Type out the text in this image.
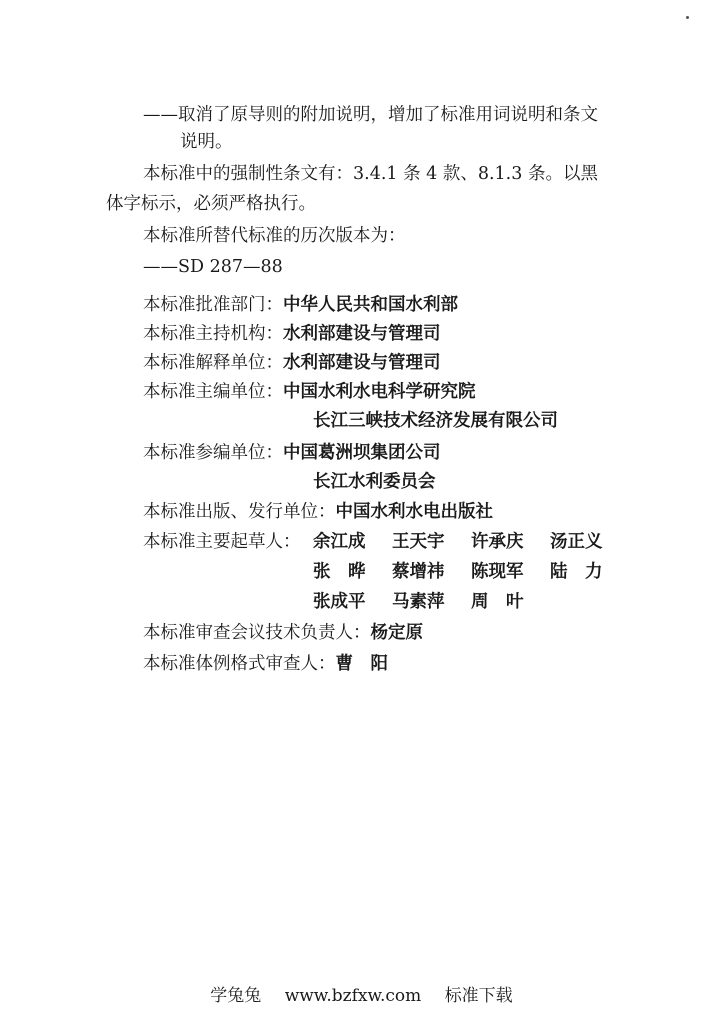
——取消了原导则的附加说明，增加了标准用词说明和条文
说明。
本标准中的强制性条文有：3.4.1 条 4 款、8.1.3 条。以黑
体字标示，必须严格执行。
本标准所替代标准的历次版本为：
——SD 287—88
本标准批准部门：中华人民共和国水利部
本标准主持机构：水利部建设与管理司
本标准解释单位：水利部建设与管理司
本标准主编单位：中国水利水电科学研究院
长江三峡技术经济发展有限公司
本标准参编单位：中国葛洲坝集团公司
长江水利委员会
本标准出版、发行单位：中国水利水电出版社
本标准主要起草人： 余江成 王天宇 许承庆 汤正义
张　晔 蔡增祎 陈现军 陆　力
张成平 马素萍 周　叶
本标准审查会议技术负责人：杨定原
本标准体例格式审查人：曹　阳
学兔兔 www.bzfxw.com 标准下载
